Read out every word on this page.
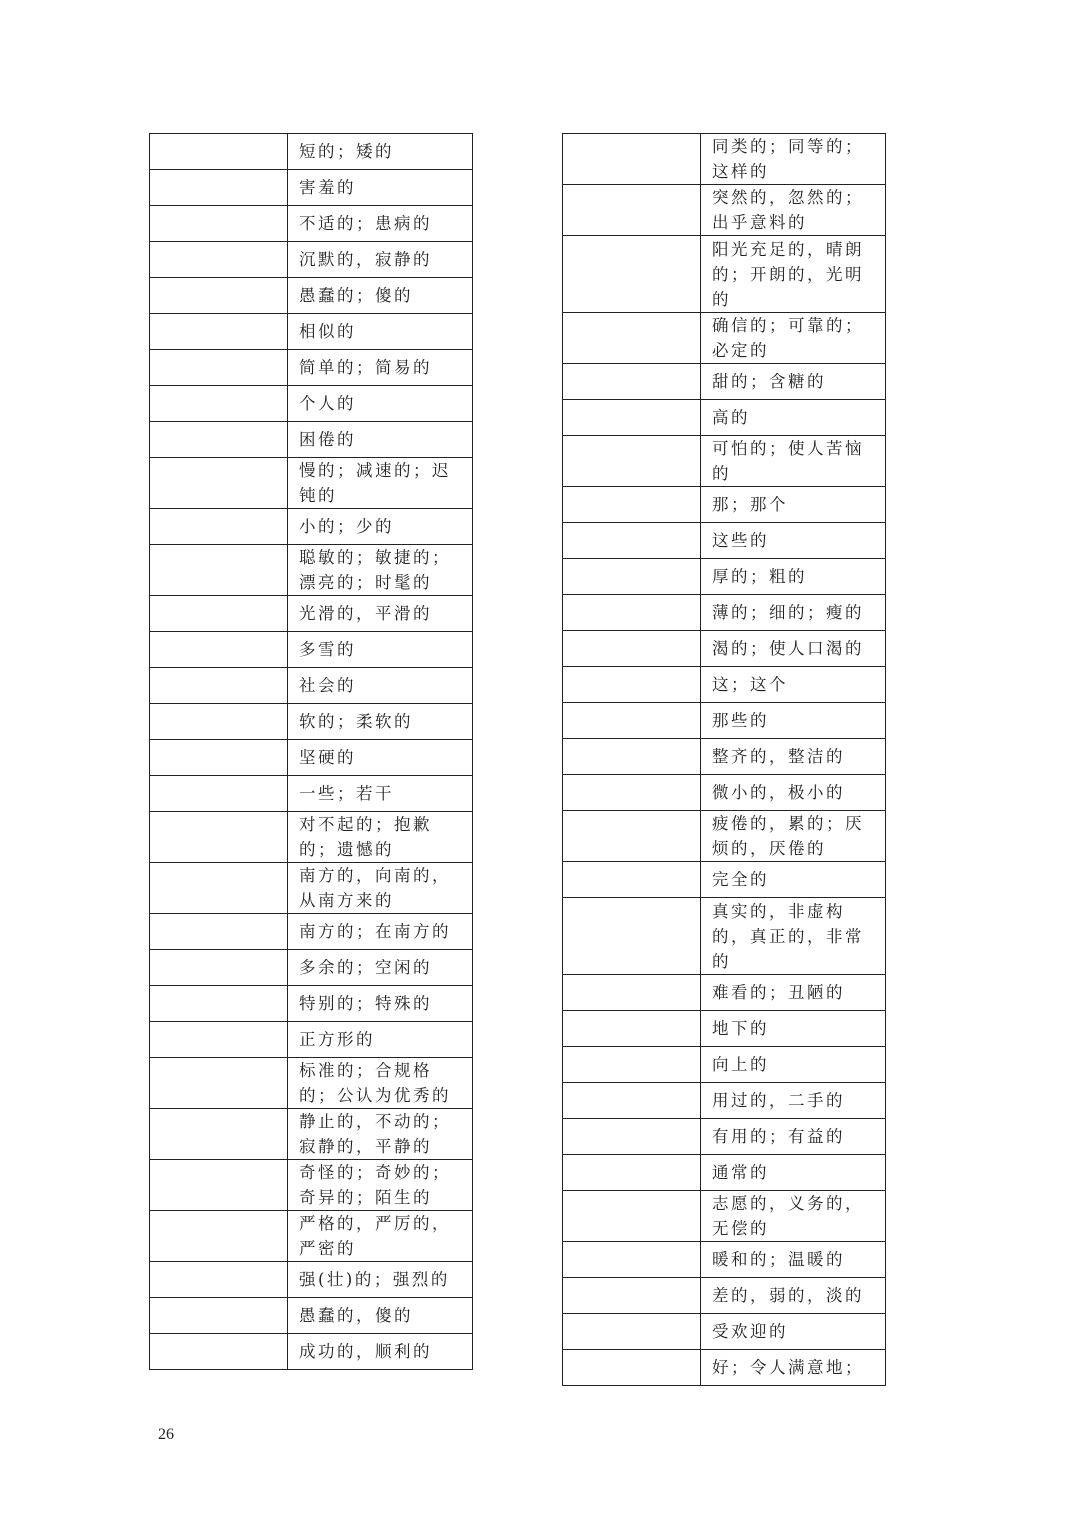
	短的；矮的
	害羞的
	不适的；患病的
	沉默的，寂静的
	愚蠢的；傻的
	相似的
	简单的；简易的
	个人的
	困倦的
	慢的；减速的；迟钝的
	小的；少的
	聪敏的；敏捷的；漂亮的；时髦的
	光滑的，平滑的
	多雪的
	社会的
	软的；柔软的
	坚硬的
	一些；若干
	对不起的；抱歉的；遗憾的
	南方的，向南的，从南方来的
	南方的；在南方的
	多余的；空闲的
	特别的；特殊的
	正方形的
	标准的；合规格的；公认为优秀的
	静止的，不动的；寂静的，平静的
	奇怪的；奇妙的；奇异的；陌生的
	严格的，严厉的，严密的
	强(壮)的；强烈的
	愚蠢的，傻的
	成功的，顺利的
	同类的；同等的；这样的
	突然的，忽然的；出乎意料的
	阳光充足的，晴朗的；开朗的，光明的
	确信的；可靠的；必定的
	甜的；含糖的
	高的
	可怕的；使人苦恼的
	那；那个
	这些的
	厚的；粗的
	薄的；细的；瘦的
	渴的；使人口渴的
	这；这个
	那些的
	整齐的，整洁的
	微小的，极小的
	疲倦的，累的；厌烦的，厌倦的
	完全的
	真实的，非虚构的，真正的，非常的
	难看的；丑陋的
	地下的
	向上的
	用过的，二手的
	有用的；有益的
	通常的
	志愿的，义务的，无偿的
	暖和的；温暖的
	差的，弱的，淡的
	受欢迎的
	好；令人满意地；
26
